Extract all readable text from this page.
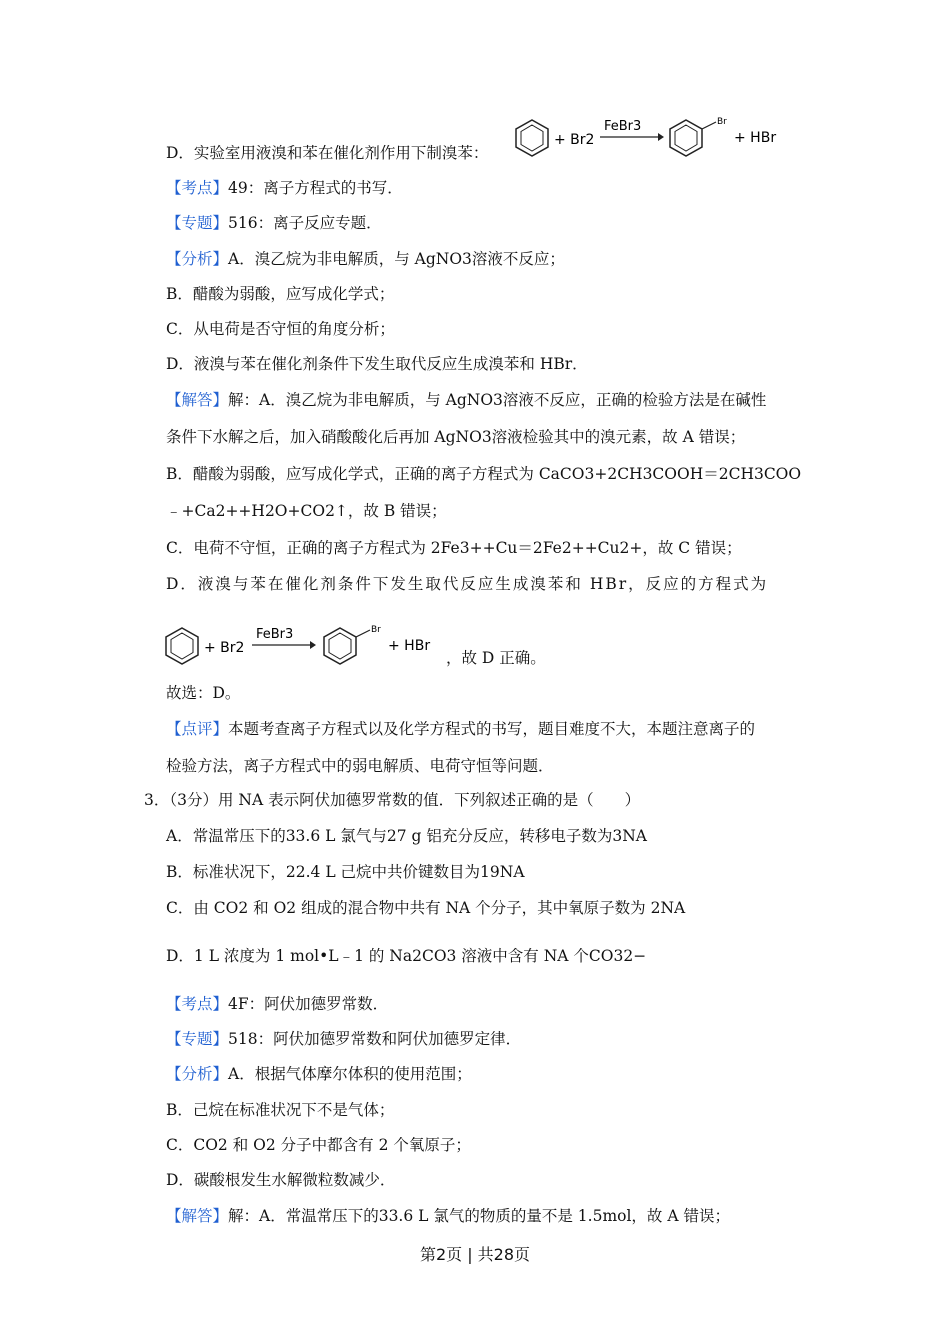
D．实验室用液溴和苯在催化剂作用下制溴苯：
+ Br2
FeBr3	Br
+ HBr
【考点】49：离子方程式的书写．
【专题】516：离子反应专题．
【分析】A．溴乙烷为非电解质，与 AgNO3溶液不反应；
B．醋酸为弱酸，应写成化学式；
C．从电荷是否守恒的角度分析；
D．液溴与苯在催化剂条件下发生取代反应生成溴苯和 HBr．
【解答】解：A．溴乙烷为非电解质，与 AgNO3溶液不反应，正确的检验方法是在碱性
条件下水解之后，加入硝酸酸化后再加 AgNO3溶液检验其中的溴元素，故 A 错误；
B．醋酸为弱酸，应写成化学式，正确的离子方程式为 CaCO3+2CH3COOH＝2CH3COO
﹣+Ca2++H2O+CO2↑，故 B 错误；
C．电荷不守恒，正确的离子方程式为 2Fe3++Cu＝2Fe2++Cu2+，故 C 错误；
D．液溴与苯在催化剂条件下发生取代反应生成溴苯和 HBr，反应的方程式为
+ Br2
FeBr3	Br
+ HBr
，故 D 正确。
故选：D。
【点评】本题考查离子方程式以及化学方程式的书写，题目难度不大，本题注意离子的
检验方法，离子方程式中的弱电解质、电荷守恒等问题．
3．（3分）用 NA 表示阿伏加德罗常数的值．下列叙述正确的是（　　）
A．常温常压下的33.6 L 氯气与27 g 铝充分反应，转移电子数为3NA
B．标准状况下，22.4 L 己烷中共价键数目为19NA
C．由 CO2 和 O2 组成的混合物中共有 NA 个分子，其中氧原子数为 2NA
D．1 L 浓度为 1 mol•L﹣1 的 Na2CO3 溶液中含有 NA 个CO32−
【考点】4F：阿伏加德罗常数．
【专题】518：阿伏加德罗常数和阿伏加德罗定律．
【分析】A．根据气体摩尔体积的使用范围；
B．己烷在标准状况下不是气体；
C．CO2 和 O2 分子中都含有 2 个氧原子；
D．碳酸根发生水解微粒数减少．
【解答】解：A．常温常压下的33.6 L 氯气的物质的量不是 1.5mol，故 A 错误；
第2页 | 共28页
